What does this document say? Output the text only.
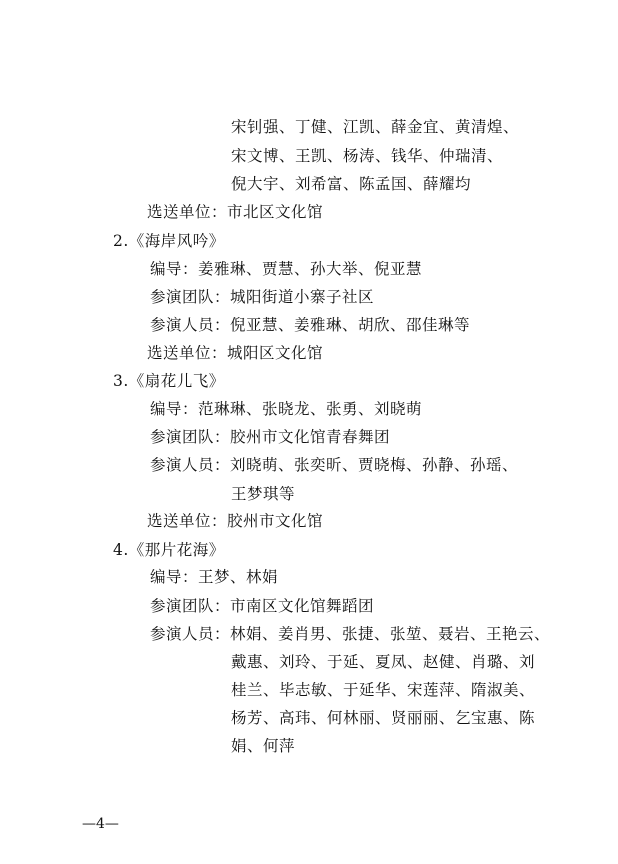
宋钊强、丁健、江凯、薛金宜、黄清煌、
宋文博、王凯、杨涛、钱华、仲瑞清、
倪大宇、刘希富、陈孟国、薛耀均
选送单位：市北区文化馆
2.《海岸风吟》
编导：姜雅琳、贾慧、孙大举、倪亚慧
参演团队：城阳街道小寨子社区
参演人员：倪亚慧、姜雅琳、胡欣、邵佳琳等
选送单位：城阳区文化馆
3.《扇花儿飞》
编导：范琳琳、张晓龙、张勇、刘晓萌
参演团队：胶州市文化馆青春舞团
参演人员：刘晓萌、张奕昕、贾晓梅、孙静、孙瑶、
王梦琪等
选送单位：胶州市文化馆
4.《那片花海》
编导：王梦、林娟
参演团队：市南区文化馆舞蹈团
参演人员：林娟、姜肖男、张捷、张堃、聂岩、王艳云、
戴惠、刘玲、于延、夏凤、赵健、肖璐、刘
桂兰、毕志敏、于延华、宋莲萍、隋淑美、
杨芳、高玮、何林丽、贤丽丽、乞宝惠、陈
娟、何萍
—4—
